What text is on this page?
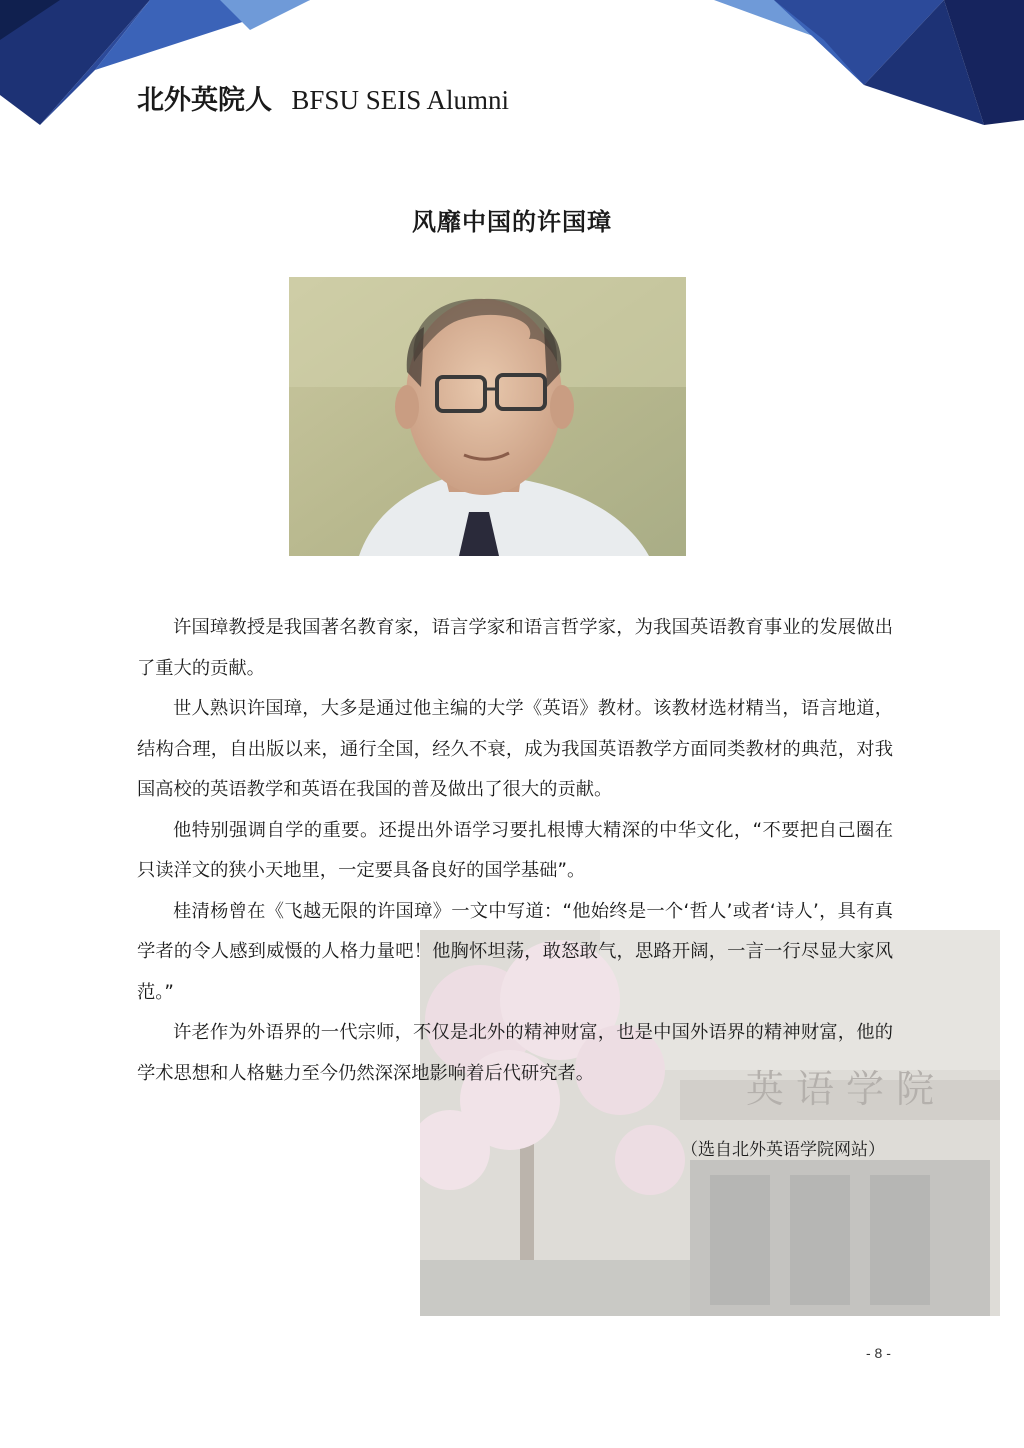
北外英院人 BFSU SEIS Alumni
风靡中国的许国璋
英 语 学 院

许国璋教授是我国著名教育家，语言学家和语言哲学家，为我国英语教育事业的发展做出了重大的贡献。

世人熟识许国璋，大多是通过他主编的大学《英语》教材。该教材选材精当，语言地道，结构合理，自出版以来，通行全国，经久不衰，成为我国英语教学方面同类教材的典范，对我国高校的英语教学和英语在我国的普及做出了很大的贡献。

他特别强调自学的重要。还提出外语学习要扎根博大精深的中华文化，“不要把自己圈在只读洋文的狭小天地里，一定要具备良好的国学基础”。

桂清杨曾在《飞越无限的许国璋》一文中写道：“他始终是一个‘哲人’或者‘诗人’，具有真学者的令人感到威慑的人格力量吧！他胸怀坦荡，敢怒敢气，思路开阔，一言一行尽显大家风范。”

许老作为外语界的一代宗师，不仅是北外的精神财富，也是中国外语界的精神财富，他的学术思想和人格魅力至今仍然深深地影响着后代研究者。

（选自北外英语学院网站）
- 8 -
